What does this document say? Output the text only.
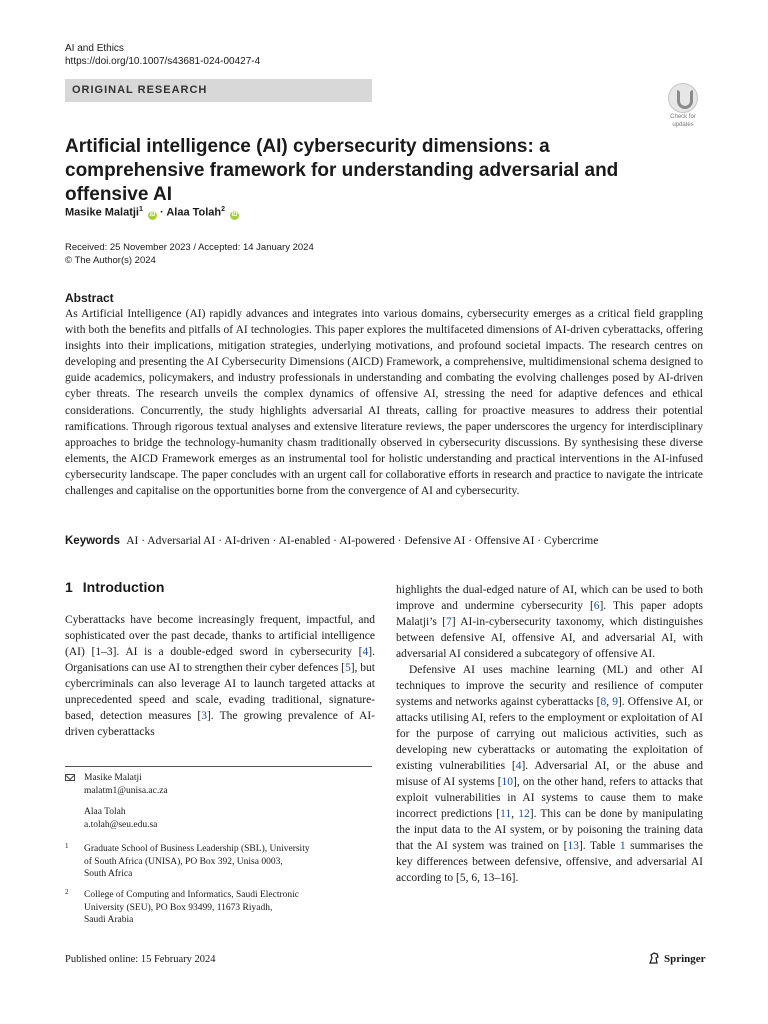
AI and Ethics
https://doi.org/10.1007/s43681-024-00427-4
ORIGINAL RESEARCH
Check for
updates
Artificial intelligence (AI) cybersecurity dimensions: a comprehensive framework for understanding adversarial and offensive AI
Masike Malatji$^1$ iD · Alaa Tolah$^2$ iD
Received: 25 November 2023 / Accepted: 14 January 2024
© The Author(s) 2024
Abstract
As Artificial Intelligence (AI) rapidly advances and integrates into various domains, cybersecurity emerges as a critical field grappling with both the benefits and pitfalls of AI technologies. This paper explores the multifaceted dimensions of AI-driven cyberattacks, offering insights into their implications, mitigation strategies, underlying motivations, and profound societal impacts. The research centres on developing and presenting the AI Cybersecurity Dimensions (AICD) Framework, a comprehensive, multidimensional schema designed to guide academics, policymakers, and industry professionals in understanding and combating the evolving challenges posed by AI-driven cyber threats. The research unveils the complex dynamics of offensive AI, stressing the need for adaptive defences and ethical considerations. Concurrently, the study highlights adversarial AI threats, calling for proactive measures to address their potential ramifications. Through rigorous textual analyses and extensive literature reviews, the paper underscores the urgency for interdisciplinary approaches to bridge the technology-humanity chasm traditionally observed in cybersecurity discussions. By synthesising these diverse elements, the AICD Framework emerges as an instrumental tool for holistic understanding and practical interventions in the AI-infused cybersecurity landscape. The paper concludes with an urgent call for collaborative efforts in research and practice to navigate the intricate challenges and capitalise on the opportunities borne from the convergence of AI and cybersecurity.
Keywords AI · Adversarial AI · AI-driven · AI-enabled · AI-powered · Defensive AI · Offensive AI · Cybercrime
1 Introduction

Cyberattacks have become increasingly frequent, impactful, and sophisticated over the past decade, thanks to artificial intelligence (AI) [1–3]. AI is a double-edged sword in cybersecurity [4]. Organisations can use AI to strengthen their cyber defences [5], but cybercriminals can also leverage AI to launch targeted attacks at unprecedented speed and scale, evading traditional, signature-based, detection measures [3]. The growing prevalence of AI-driven cyberattacks

highlights the dual-edged nature of AI, which can be used to both improve and undermine cybersecurity [6]. This paper adopts Malatji’s [7] AI-in-cybersecurity taxonomy, which distinguishes between defensive AI, offensive AI, and adversarial AI, with adversarial AI considered a subcategory of offensive AI.

Defensive AI uses machine learning (ML) and other AI techniques to improve the security and resilience of computer systems and networks against cyberattacks [8, 9]. Offensive AI, or attacks utilising AI, refers to the employment or exploitation of AI for the purpose of carrying out malicious activities, such as developing new cyberattacks or automating the exploitation of existing vulnerabilities [4]. Adversarial AI, or the abuse and misuse of AI systems [10], on the other hand, refers to attacks that exploit vulnerabilities in AI systems to cause them to make incorrect predictions [11, 12]. This can be done by manipulating the input data to the AI system, or by poisoning the training data that the AI system was trained on [13]. Table 1 summarises the key differences between defensive, offensive, and adversarial AI according to [5, 6, 13–16].

Masike Malatji
malatm1@unisa.ac.za
Alaa Tolah
a.tolah@seu.edu.sa
1 Graduate School of Business Leadership (SBL), University
of South Africa (UNISA), PO Box 392, Unisa 0003,
South Africa
2 College of Computing and Informatics, Saudi Electronic
University (SEU), PO Box 93499, 11673 Riyadh,
Saudi Arabia
Published online: 15 February 2024	Springer
